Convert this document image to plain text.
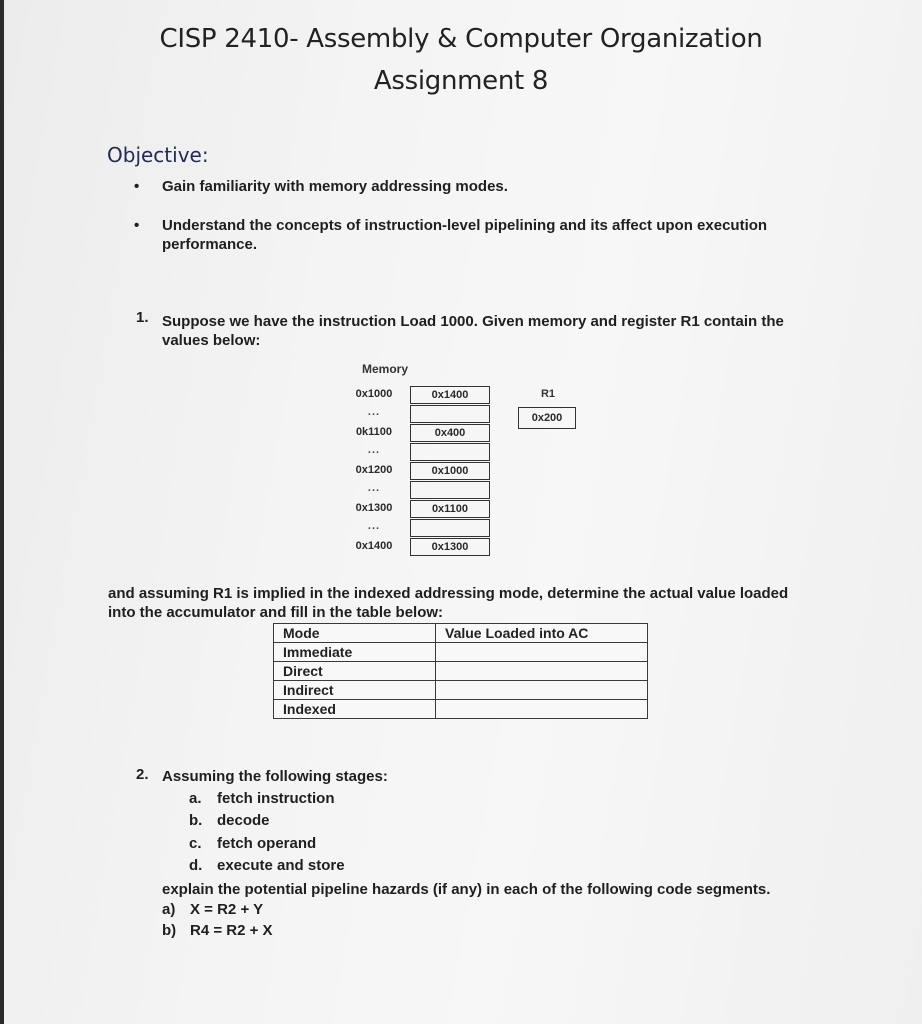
CISP 2410- Assembly & Computer Organization
Assignment 8
Objective:
• Gain familiarity with memory addressing modes.
• Understand the concepts of instruction-level pipelining and its affect upon execution performance.
1. Suppose we have the instruction Load 1000. Given memory and register R1 contain the values below:
Memory
0x1000	0x1400
...
0k1100	0x400
...
0x1200	0x1000
...
0x1300	0x1100
...
0x1400	0x1300
R1
0x200
and assuming R1 is implied in the indexed addressing mode, determine the actual value loaded into the accumulator and fill in the table below:
Mode	Value Loaded into AC
Immediate	
Direct	
Indirect	
Indexed	
2. Assuming the following stages:
a. fetch instruction
b. decode
c. fetch operand
d. execute and store
explain the potential pipeline hazards (if any) in each of the following code segments.
a) X = R2 + Y
b) R4 = R2 + X
